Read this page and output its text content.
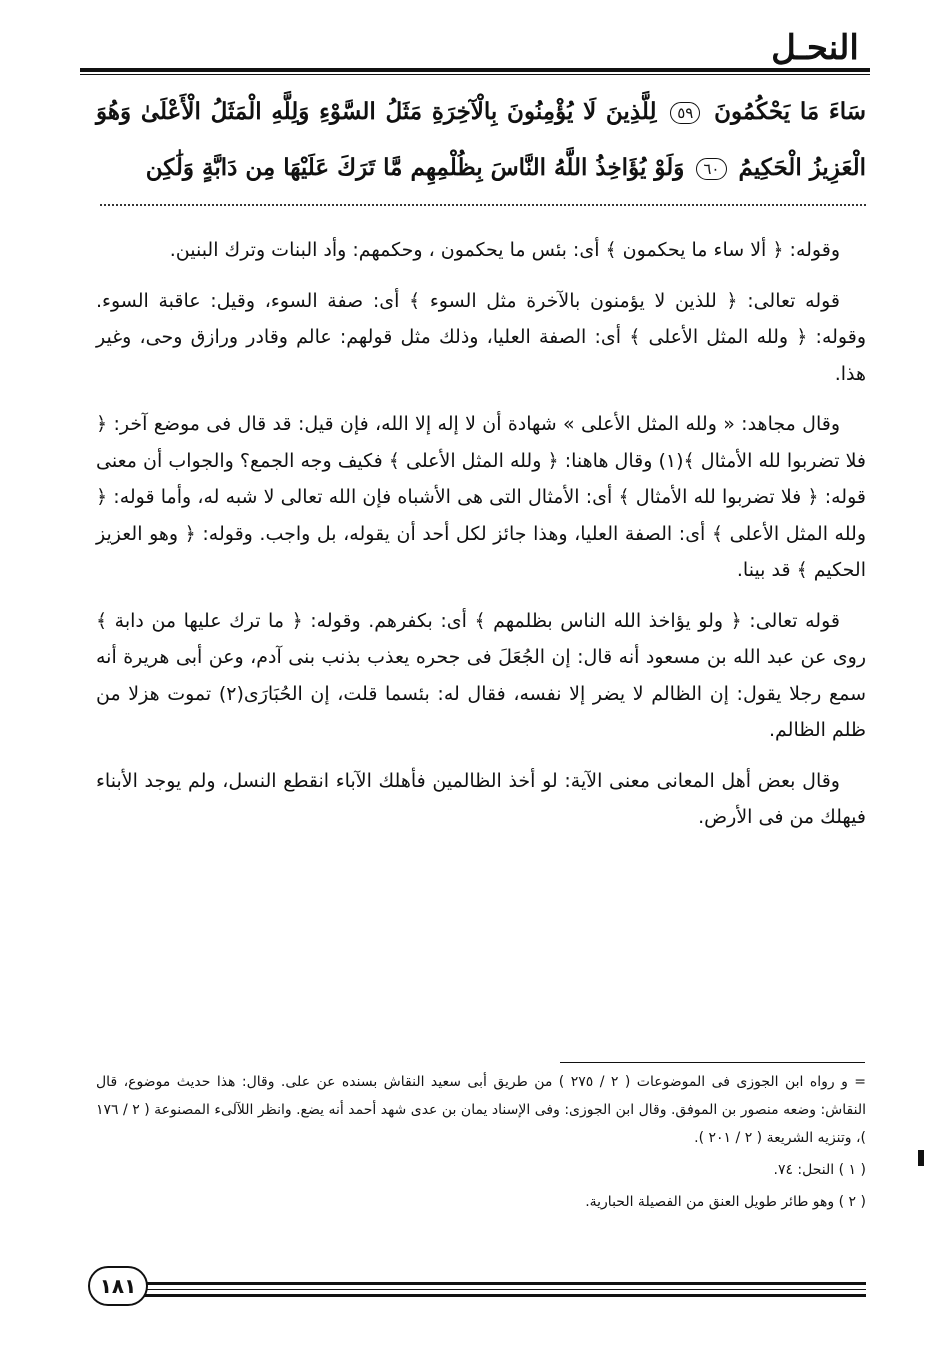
النحـل
سَاءَ مَا يَحْكُمُونَ ٥٩ لِلَّذِينَ لَا يُؤْمِنُونَ بِالْآخِرَةِ مَثَلُ السَّوْءِ وَلِلَّهِ الْمَثَلُ الْأَعْلَىٰ وَهُوَ الْعَزِيزُ الْحَكِيمُ ٦٠ وَلَوْ يُؤَاخِذُ اللَّهُ النَّاسَ بِظُلْمِهِم مَّا تَرَكَ عَلَيْهَا مِن دَابَّةٍ وَلَٰكِن

وقوله: ﴿ ألا ساء ما يحكمون ﴾ أى: بئس ما يحكمون ، وحكمهم: وأد البنات وترك البنين.

قوله تعالى: ﴿ للذين لا يؤمنون بالآخرة مثل السوء ﴾ أى: صفة السوء، وقيل: عاقبة السوء. وقوله: ﴿ ولله المثل الأعلى ﴾ أى: الصفة العليا، وذلك مثل قولهم: عالم وقادر ورازق وحى، وغير هذا.

وقال مجاهد: « ولله المثل الأعلى » شهادة أن لا إله إلا الله، فإن قيل: قد قال فى موضع آخر: ﴿ فلا تضربوا لله الأمثال ﴾(١) وقال هاهنا: ﴿ ولله المثل الأعلى ﴾ فكيف وجه الجمع؟ والجواب أن معنى قوله: ﴿ فلا تضربوا لله الأمثال ﴾ أى: الأمثال التى هى الأشباه فإن الله تعالى لا شبه له، وأما قوله: ﴿ ولله المثل الأعلى ﴾ أى: الصفة العليا، وهذا جائز لكل أحد أن يقوله، بل واجب. وقوله: ﴿ وهو العزيز الحكيم ﴾ قد بينا.

قوله تعالى: ﴿ ولو يؤاخذ الله الناس بظلمهم ﴾ أى: بكفرهم. وقوله: ﴿ ما ترك عليها من دابة ﴾ روى عن عبد الله بن مسعود أنه قال: إن الجُعَلَ فى جحره يعذب بذنب بنى آدم، وعن أبى هريرة أنه سمع رجلا يقول: إن الظالم لا يضر إلا نفسه، فقال له: بئسما قلت، إن الحُبَارَى(٢) تموت هزلا من ظلم الظالم.

وقال بعض أهل المعانى معنى الآية: لو أخذ الظالمين فأهلك الآباء انقطع النسل، ولم يوجد الأبناء فيهلك من فى الأرض.

= و رواه ابن الجوزى فى الموضوعات ( ٢ / ٢٧٥ ) من طريق أبى سعيد النقاش بسنده عن على. وقال: هذا حديث موضوع، قال النقاش: وضعه منصور بن الموفق. وقال ابن الجوزى: وفى الإسناد يمان بن عدى شهد أحمد أنه يضع. وانظر اللآلىء المصنوعة ( ٢ / ١٧٦ )، وتنزيه الشريعة ( ٢ / ٢٠١ ).

( ١ ) النحل: ٧٤.

( ٢ ) وهو طائر طويل العنق من الفصيلة الحبارية.

١٨١
